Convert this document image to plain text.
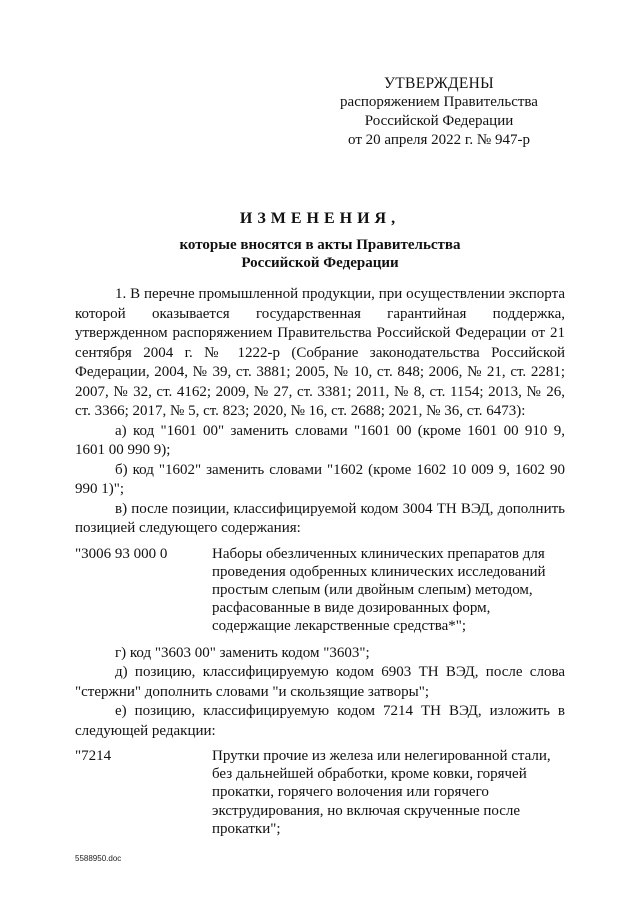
УТВЕРЖДЕНЫ
распоряжением Правительства
Российской Федерации
от 20 апреля 2022 г. № 947-р
ИЗМЕНЕНИЯ,
которые вносятся в акты Правительства
Российской Федерации

1. В перечне промышленной продукции, при осуществлении экспорта которой оказывается государственная гарантийная поддержка, утвержденном распоряжением Правительства Российской Федерации от 21 сентября 2004 г. № 1222-р (Собрание законодательства Российской Федерации, 2004, № 39, ст. 3881; 2005, № 10, ст. 848; 2006, № 21, ст. 2281; 2007, № 32, ст. 4162; 2009, № 27, ст. 3381; 2011, № 8, ст. 1154; 2013, № 26, ст. 3366; 2017, № 5, ст. 823; 2020, № 16, ст. 2688; 2021, № 36, ст. 6473):

а) код "1601 00" заменить словами "1601 00 (кроме 1601 00 910 9, 1601 00 990 9);

б) код "1602" заменить словами "1602 (кроме 1602 10 009 9, 1602 90 990 1)";

в) после позиции, классифицируемой кодом 3004 ТН ВЭД, дополнить позицией следующего содержания:

"3006 93 000 0	Наборы обезличенных клинических препаратов для проведения одобренных клинических исследований простым слепым (или двойным слепым) методом, расфасованные в виде дозированных форм, содержащие лекарственные средства*";

г) код "3603 00" заменить кодом "3603";

д) позицию, классифицируемую кодом 6903 ТН ВЭД, после слова "стержни" дополнить словами "и скользящие затворы";

е) позицию, классифицируемую кодом 7214 ТН ВЭД, изложить в следующей редакции:

"7214	Прутки прочие из железа или нелегированной стали, без дальнейшей обработки, кроме ковки, горячей прокатки, горячего волочения или горячего экструдирования, но включая скрученные после прокатки";
5588950.doc
